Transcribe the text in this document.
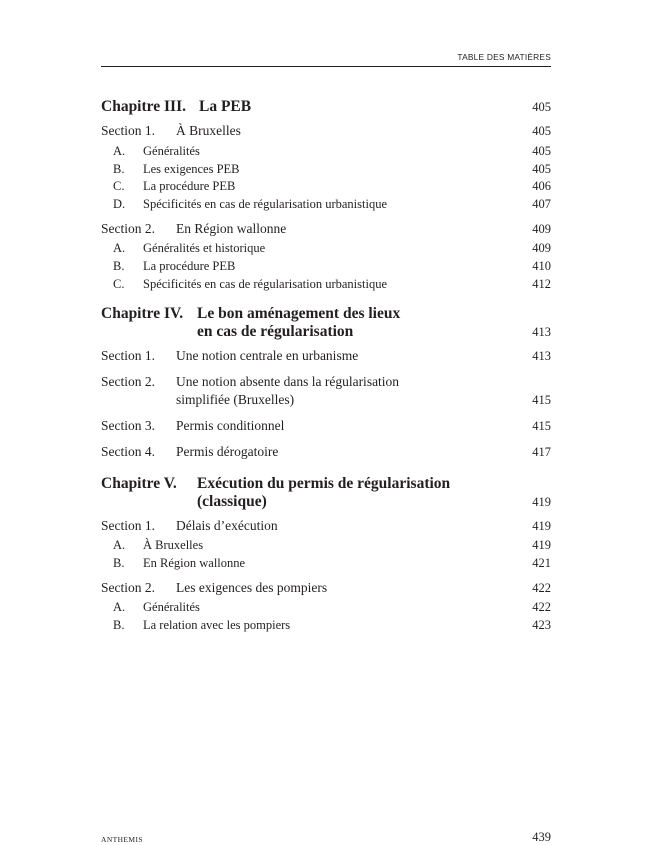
TABLE DES MATIÈRES
Chapitre III. La PEB	405
Section 1. À Bruxelles	405
A. Généralités	405
B. Les exigences PEB	405
C. La procédure PEB	406
D. Spécificités en cas de régularisation urbanistique	407
Section 2. En Région wallonne	409
A. Généralités et historique	409
B. La procédure PEB	410
C. Spécificités en cas de régularisation urbanistique	412
Chapitre IV. Le bon aménagement des lieux
en cas de régularisation	413
Section 1. Une notion centrale en urbanisme	413
Section 2. Une notion absente dans la régularisation
simplifiée (Bruxelles)	415
Section 3. Permis conditionnel	415
Section 4. Permis dérogatoire	417
Chapitre V. Exécution du permis de régularisation
(classique)	419
Section 1. Délais d’exécution	419
A. À Bruxelles	419
B. En Région wallonne	421
Section 2. Les exigences des pompiers	422
A. Généralités	422
B. La relation avec les pompiers	423
ANTHEMIS	439
